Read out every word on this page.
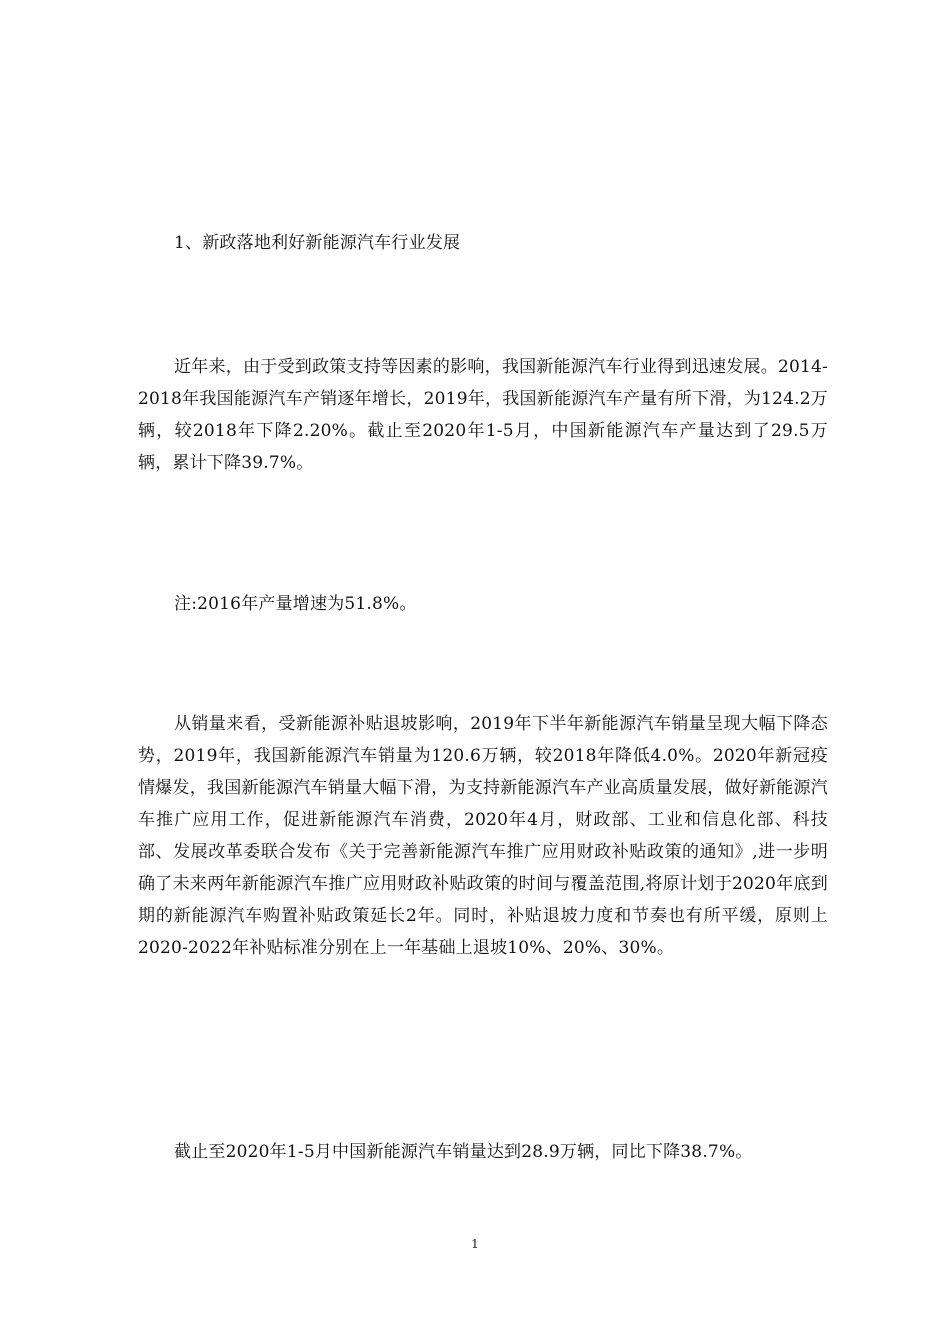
1、新政落地利好新能源汽车行业发展

近年来，由于受到政策支持等因素的影响，我国新能源汽车行业得到迅速发展。2014-2018年我国能源汽车产销逐年增长，2019年，我国新能源汽车产量有所下滑，为124.2万辆，较2018年下降2.20%。截止至2020年1-5月，中国新能源汽车产量达到了29.5万辆，累计下降39.7%。

注:2016年产量增速为51.8%。

从销量来看，受新能源补贴退坡影响，2019年下半年新能源汽车销量呈现大幅下降态势，2019年，我国新能源汽车销量为120.6万辆，较2018年降低4.0%。2020年新冠疫情爆发，我国新能源汽车销量大幅下滑，为支持新能源汽车产业高质量发展，做好新能源汽车推广应用工作，促进新能源汽车消费，2020年4月，财政部、工业和信息化部、科技部、发展改革委联合发布《关于完善新能源汽车推广应用财政补贴政策的通知》,进一步明确了未来两年新能源汽车推广应用财政补贴政策的时间与覆盖范围,将原计划于2020年底到期的新能源汽车购置补贴政策延长2年。同时，补贴退坡力度和节奏也有所平缓，原则上2020-2022年补贴标准分别在上一年基础上退坡10%、20%、30%。

截止至2020年1-5月中国新能源汽车销量达到28.9万辆，同比下降38.7%。

1
